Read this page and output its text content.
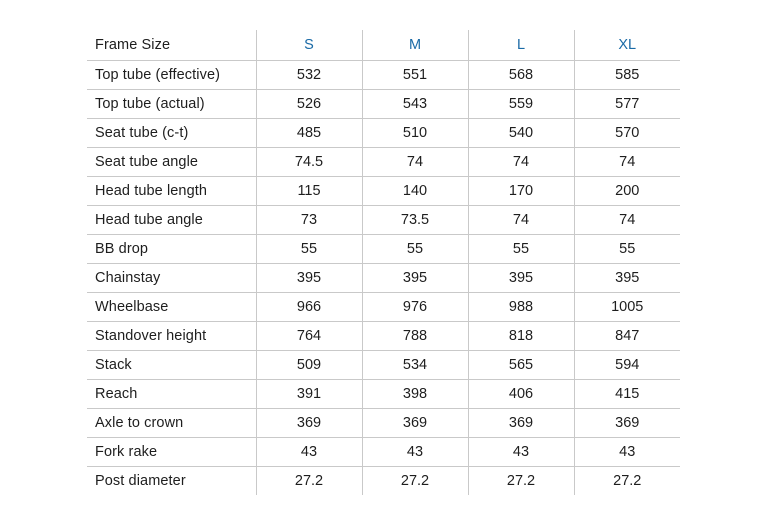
Frame Size	S	M	L	XL
Top tube (effective)	532	551	568	585
Top tube (actual)	526	543	559	577
Seat tube (c-t)	485	510	540	570
Seat tube angle	74.5	74	74	74
Head tube length	115	140	170	200
Head tube angle	73	73.5	74	74
BB drop	55	55	55	55
Chainstay	395	395	395	395
Wheelbase	966	976	988	1005
Standover height	764	788	818	847
Stack	509	534	565	594
Reach	391	398	406	415
Axle to crown	369	369	369	369
Fork rake	43	43	43	43
Post diameter	27.2	27.2	27.2	27.2
